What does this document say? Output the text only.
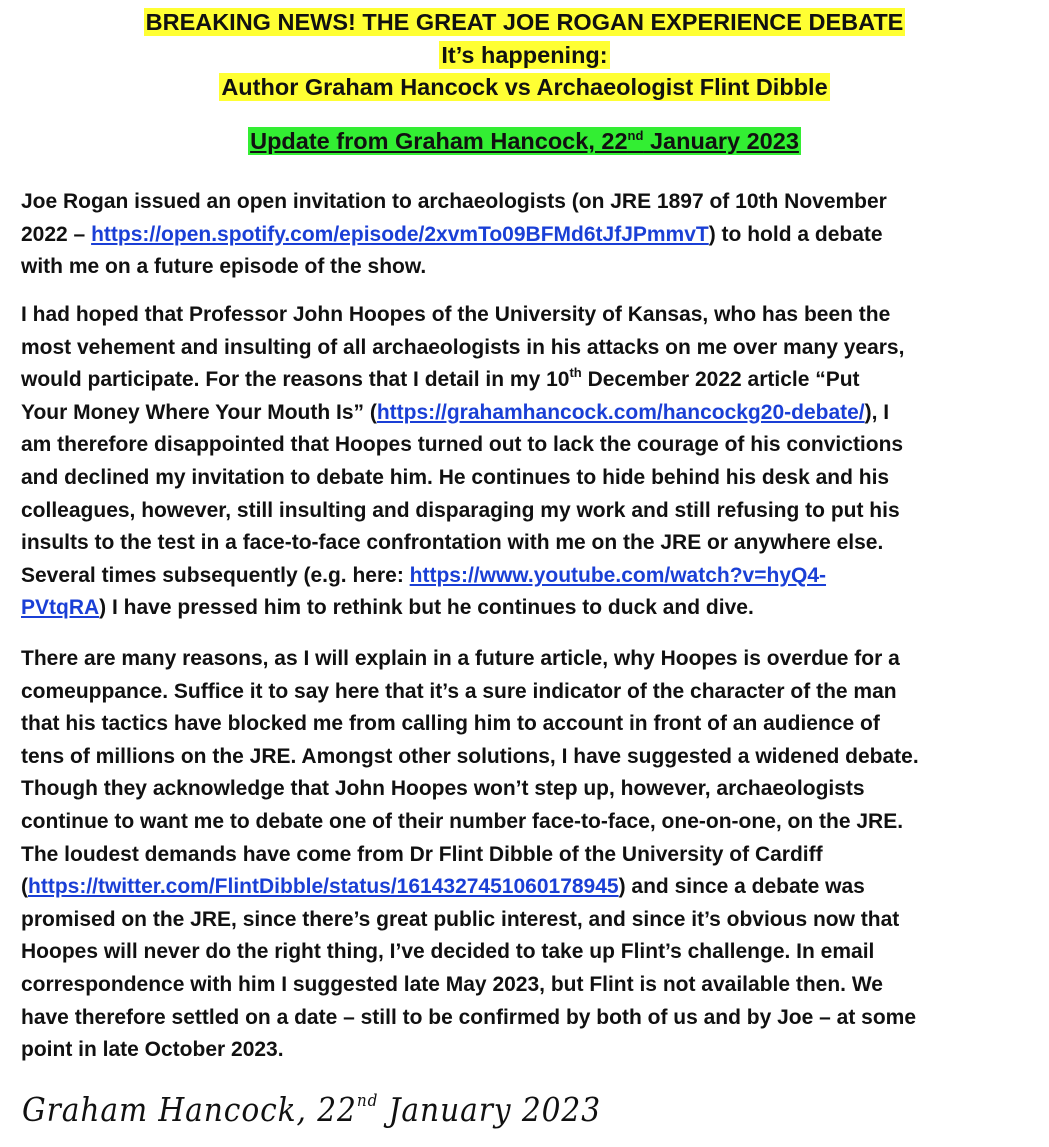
BREAKING NEWS! THE GREAT JOE ROGAN EXPERIENCE DEBATE
It’s happening:
Author Graham Hancock vs Archaeologist Flint Dibble
Update from Graham Hancock, 22nd January 2023
Joe Rogan issued an open invitation to archaeologists (on JRE 1897 of 10th November
2022 – https://open.spotify.com/episode/2xvmTo09BFMd6tJfJPmmvT) to hold a debate
with me on a future episode of the show.
I had hoped that Professor John Hoopes of the University of Kansas, who has been the
most vehement and insulting of all archaeologists in his attacks on me over many years,
would participate. For the reasons that I detail in my 10th December 2022 article “Put
Your Money Where Your Mouth Is” (https://grahamhancock.com/hancockg20-debate/), I
am therefore disappointed that Hoopes turned out to lack the courage of his convictions
and declined my invitation to debate him. He continues to hide behind his desk and his
colleagues, however, still insulting and disparaging my work and still refusing to put his
insults to the test in a face-to-face confrontation with me on the JRE or anywhere else.
Several times subsequently (e.g. here: https://www.youtube.com/watch?v=hyQ4-
PVtqRA) I have pressed him to rethink but he continues to duck and dive.
There are many reasons, as I will explain in a future article, why Hoopes is overdue for a
comeuppance. Suffice it to say here that it’s a sure indicator of the character of the man
that his tactics have blocked me from calling him to account in front of an audience of
tens of millions on the JRE. Amongst other solutions, I have suggested a widened debate.
Though they acknowledge that John Hoopes won’t step up, however, archaeologists
continue to want me to debate one of their number face-to-face, one-on-one, on the JRE.
The loudest demands have come from Dr Flint Dibble of the University of Cardiff
(https://twitter.com/FlintDibble/status/1614327451060178945) and since a debate was
promised on the JRE, since there’s great public interest, and since it’s obvious now that
Hoopes will never do the right thing, I’ve decided to take up Flint’s challenge. In email
correspondence with him I suggested late May 2023, but Flint is not available then. We
have therefore settled on a date – still to be confirmed by both of us and by Joe – at some
point in late October 2023.
Graham Hancock, 22nd January 2023
